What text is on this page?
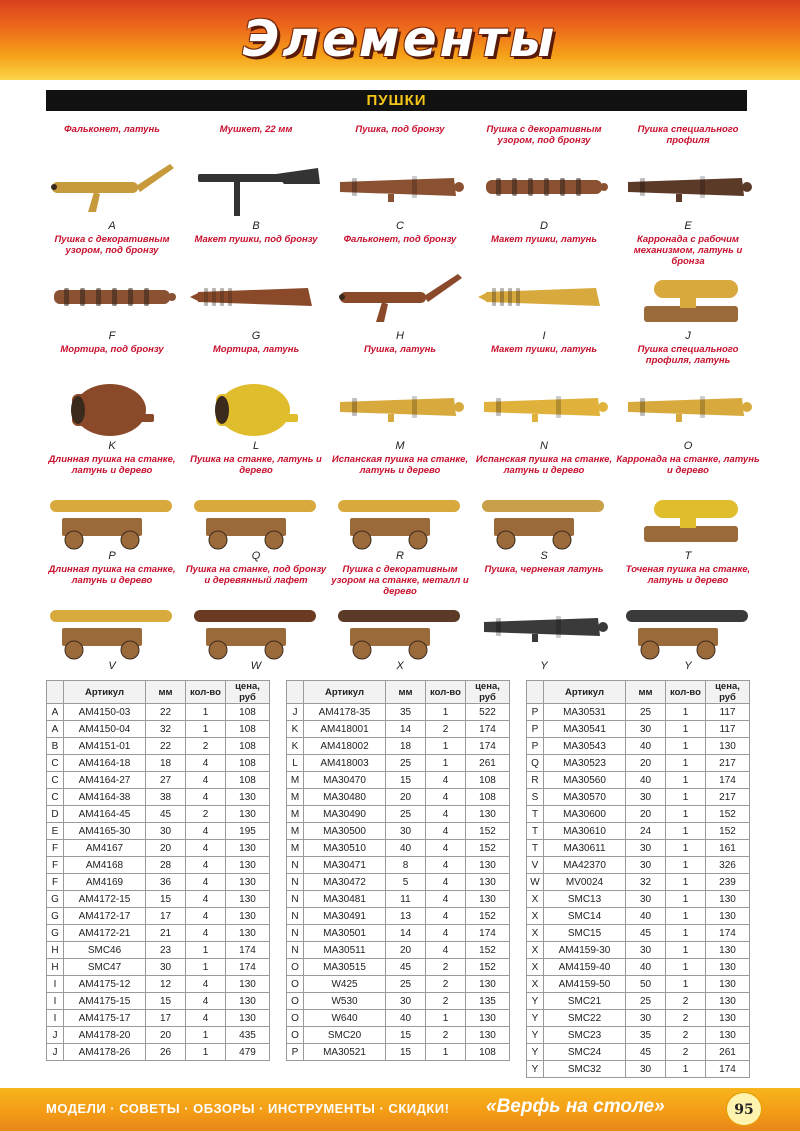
Элементы
ПУШКИ
Фальконет, латунь
A
Мушкет, 22 мм
B
Пушка, под бронзу
C
Пушка с декоративным узором, под бронзу
D
Пушка специального профиля
E
Пушка с декоративным узором, под бронзу
F
Макет пушки, под бронзу
G
Фальконет, под бронзу
H
Макет пушки, латунь
I
Карронада с рабочим механизмом, латунь и бронза
J
Мортира, под бронзу
K
Мортира, латунь
L
Пушка, латунь
M
Макет пушки, латунь
N
Пушка специального профиля, латунь
O
Длинная пушка на станке, латунь и дерево
P
Пушка на станке, латунь и дерево
Q
Испанская пушка на станке, латунь и дерево
R
Испанская пушка на станке, латунь и дерево
S
Карронада на станке, латунь и дерево
T
Длинная пушка на станке, латунь и дерево
V
Пушка на станке, под бронзу и деревянный лафет
W
Пушка с декоративным узором на станке, металл и дерево
X
Пушка, черненая латунь
Y
Точеная пушка на станке, латунь и дерево
Y
	Артикул	мм	кол-во	цена, руб
A	AM4150-03	22	1	108
A	AM4150-04	32	1	108
B	AM4151-01	22	2	108
C	AM4164-18	18	4	108
C	AM4164-27	27	4	108
C	AM4164-38	38	4	130
D	AM4164-45	45	2	130
E	AM4165-30	30	4	195
F	AM4167	20	4	130
F	AM4168	28	4	130
F	AM4169	36	4	130
G	AM4172-15	15	4	130
G	AM4172-17	17	4	130
G	AM4172-21	21	4	130
H	SMC46	23	1	174
H	SMC47	30	1	174
I	AM4175-12	12	4	130
I	AM4175-15	15	4	130
I	AM4175-17	17	4	130
J	AM4178-20	20	1	435
J	AM4178-26	26	1	479
	Артикул	мм	кол-во	цена, руб
J	AM4178-35	35	1	522
K	AM418001	14	2	174
K	AM418002	18	1	174
L	AM418003	25	1	261
M	MA30470	15	4	108
M	MA30480	20	4	108
M	MA30490	25	4	130
M	MA30500	30	4	152
M	MA30510	40	4	152
N	MA30471	8	4	130
N	MA30472	5	4	130
N	MA30481	11	4	130
N	MA30491	13	4	152
N	MA30501	14	4	174
N	MA30511	20	4	152
O	MA30515	45	2	152
O	W425	25	2	130
O	W530	30	2	135
O	W640	40	1	130
O	SMC20	15	2	130
P	MA30521	15	1	108
	Артикул	мм	кол-во	цена, руб
P	MA30531	25	1	117
P	MA30541	30	1	117
P	MA30543	40	1	130
Q	MA30523	20	1	217
R	MA30560	40	1	174
S	MA30570	30	1	217
T	MA30600	20	1	152
T	MA30610	24	1	152
T	MA30611	30	1	161
V	MA42370	30	1	326
W	MV0024	32	1	239
X	SMC13	30	1	130
X	SMC14	40	1	130
X	SMC15	45	1	174
X	AM4159-30	30	1	130
X	AM4159-40	40	1	130
X	AM4159-50	50	1	130
Y	SMC21	25	2	130
Y	SMC22	30	2	130
Y	SMC23	35	2	130
Y	SMC24	45	2	261
Y	SMC32	30	1	174
МОДЕЛИ · СОВЕТЫ · ОБЗОРЫ · ИНСТРУМЕНТЫ · СКИДКИ! «Верфь на столе»	95
